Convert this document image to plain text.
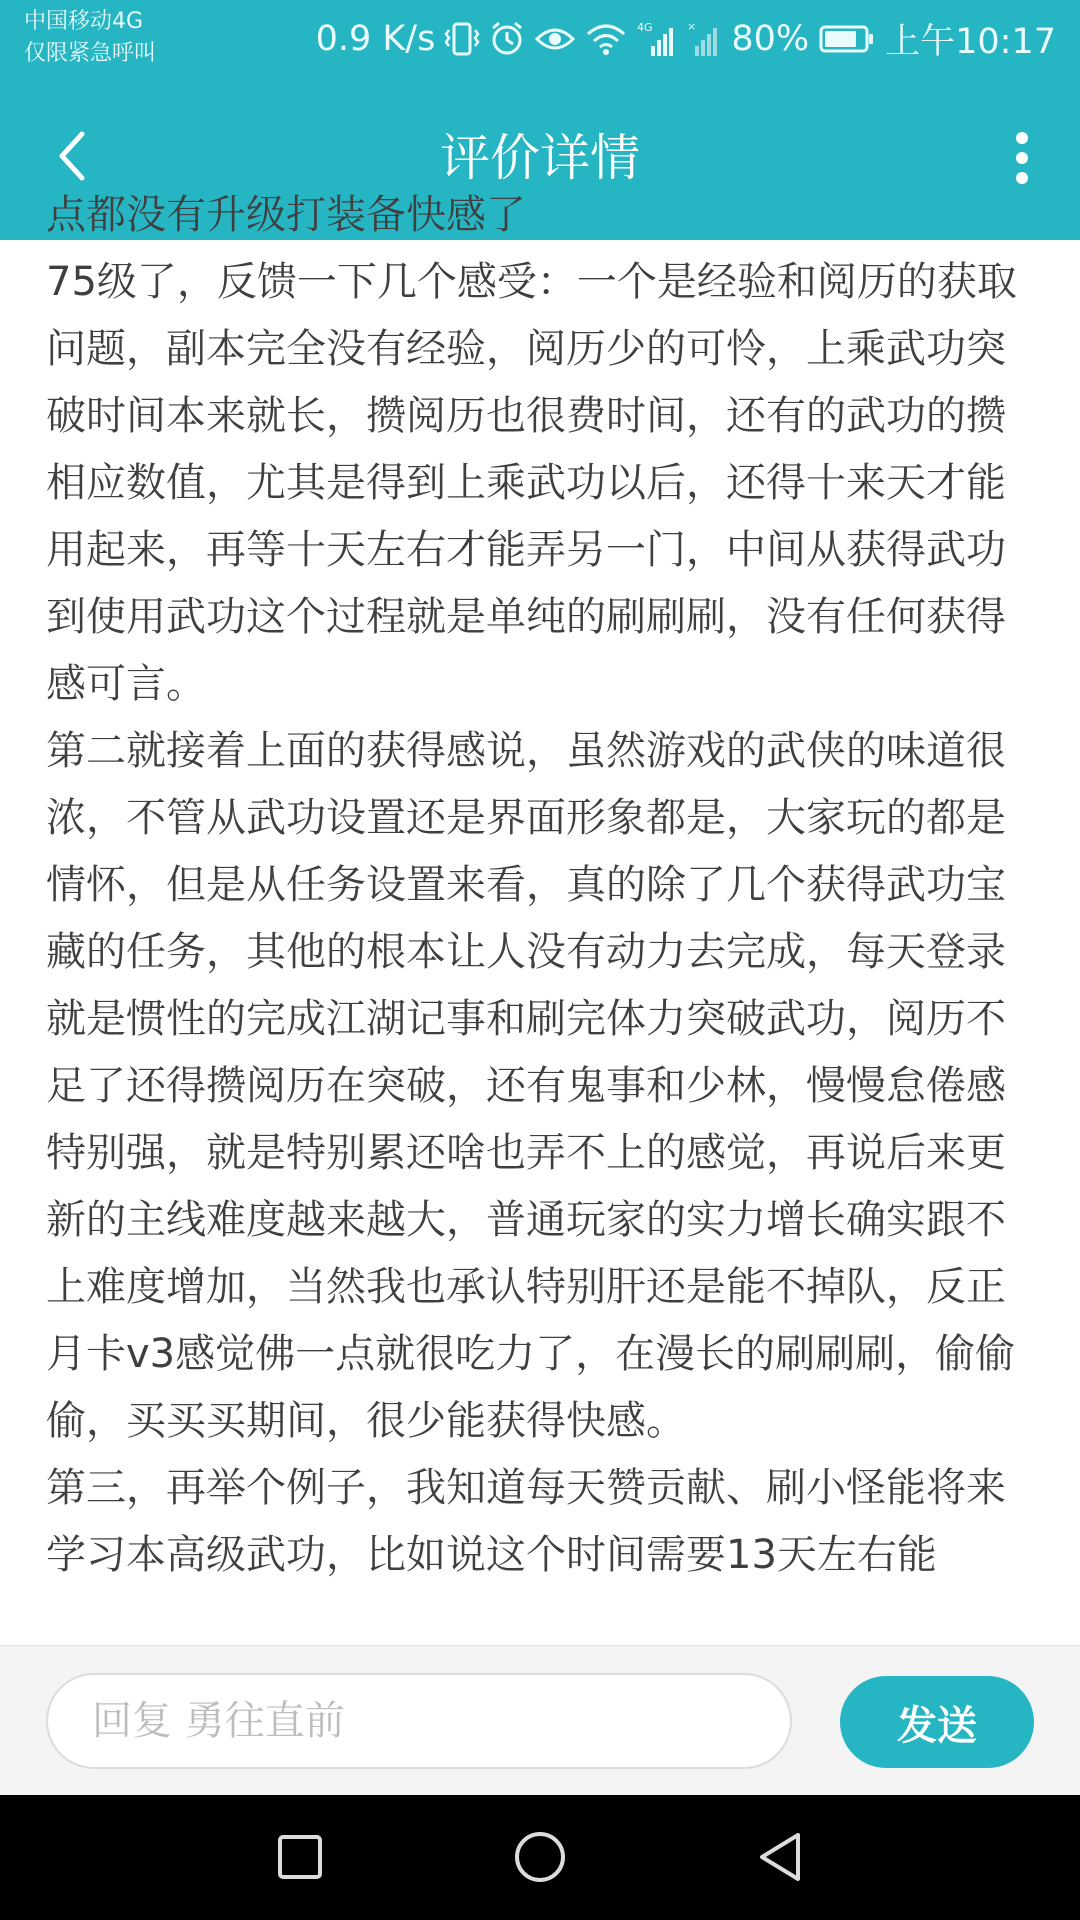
中国移动4G
仅限紧急呼叫	0.9 K/s	4G	× 80% 上午10:17
评价详情

点都没有升级打装备快感了
75级了，反馈一下几个感受：一个是经验和阅历的获取问题，副本完全没有经验，阅历少的可怜，上乘武功突破时间本来就长，攒阅历也很费时间，还有的武功的攒相应数值，尤其是得到上乘武功以后，还得十来天才能用起来，再等十天左右才能弄另一门，中间从获得武功到使用武功这个过程就是单纯的刷刷刷，没有任何获得感可言。
第二就接着上面的获得感说，虽然游戏的武侠的味道很浓，不管从武功设置还是界面形象都是，大家玩的都是情怀，但是从任务设置来看，真的除了几个获得武功宝藏的任务，其他的根本让人没有动力去完成，每天登录就是惯性的完成江湖记事和刷完体力突破武功，阅历不足了还得攒阅历在突破，还有鬼事和少林，慢慢怠倦感特别强，就是特别累还啥也弄不上的感觉，再说后来更新的主线难度越来越大，普通玩家的实力增长确实跟不上难度增加，当然我也承认特别肝还是能不掉队，反正月卡v3感觉佛一点就很吃力了，在漫长的刷刷刷，偷偷偷，买买买期间，很少能获得快感。
第三，再举个例子，我知道每天赞贡献、刷小怪能将来学习本高级武功，比如说这个时间需要13天左右能

回复 勇往直前
发送
